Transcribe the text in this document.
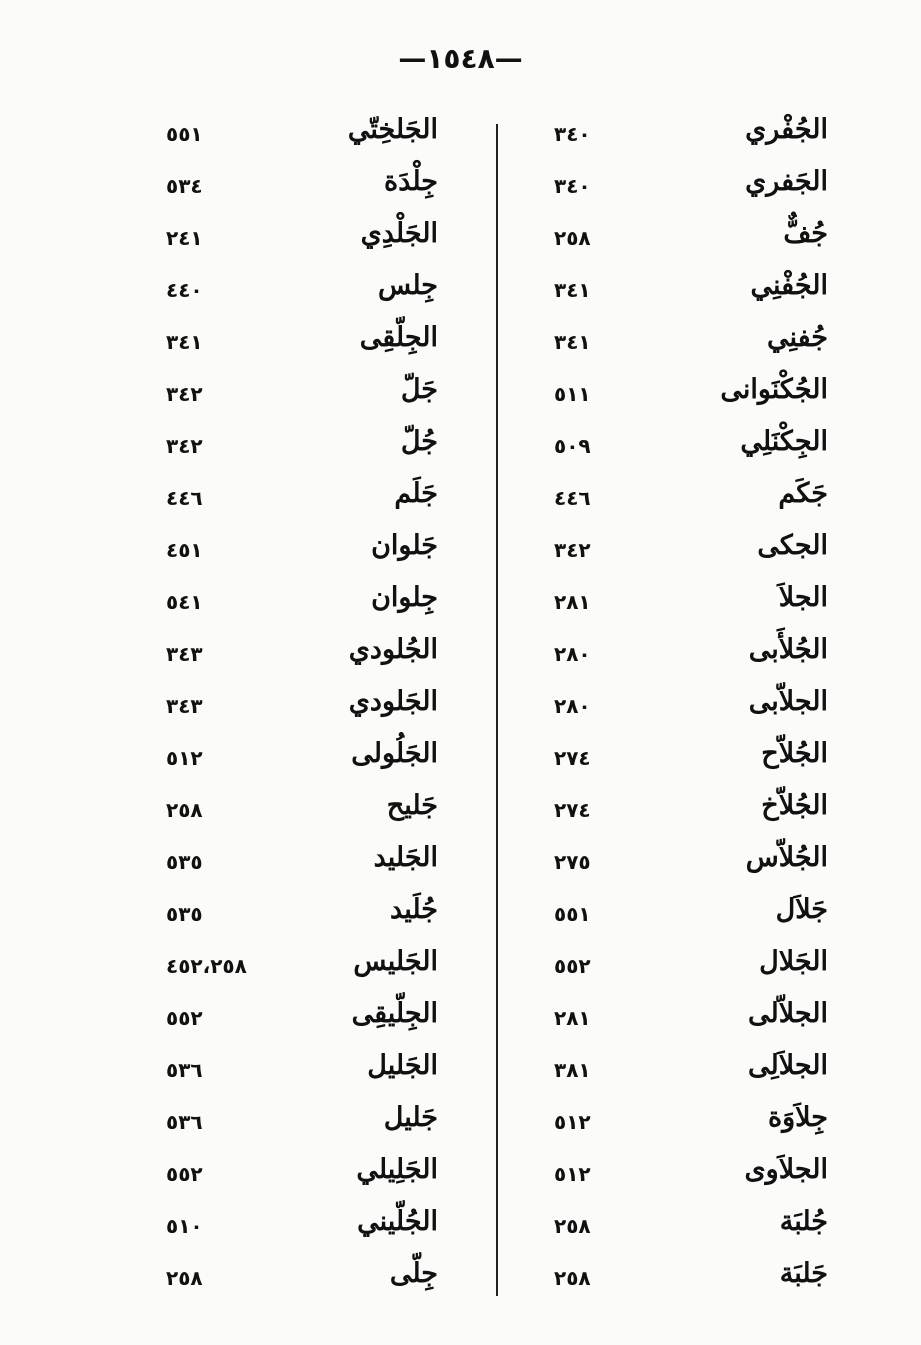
—١٥٤٨—
الجُفْري
٣٤٠
الجَفري
٣٤٠
جُفٌّ
٢٥٨
الجُفْنِي
٣٤١
جُفنِي
٣٤١
الجُكْنَوانى
٥١١
الجِكْنَلِي
٥٠٩
جَكَم
٤٤٦
الجكى
٣٤٢
الجلاَ
٢٨١
الجُلأَبى
٢٨٠
الجلاّبى
٢٨٠
الجُلاّح
٢٧٤
الجُلاّخ
٢٧٤
الجُلاّس
٢٧٥
جَلاَل
٥٥١
الجَلال
٥٥٢
الجلاّلى
٢٨١
الجلاَلِى
٣٨١
جِلاَوَة
٥١٢
الجلاَوى
٥١٢
جُلبَة
٢٥٨
جَلبَة
٢٥٨
الجَلخِتّي
٥٥١
جِلْدَة
٥٣٤
الجَلْدِي
٢٤١
جِلس
٤٤٠
الجِلّقِى
٣٤١
جَلّ
٣٤٢
جُلّ
٣٤٢
جَلَم
٤٤٦
جَلوان
٤٥١
جِلوان
٥٤١
الجُلودي
٣٤٣
الجَلودي
٣٤٣
الجَلُولى
٥١٢
جَليح
٢٥٨
الجَليد
٥٣٥
جُلَيد
٥٣٥
الجَليس
٤٥٢،٢٥٨
الجِلّيقِى
٥٥٢
الجَليل
٥٣٦
جَليل
٥٣٦
الجَلِيلي
٥٥٢
الجُلّيني
٥١٠
جِلّى
٢٥٨
